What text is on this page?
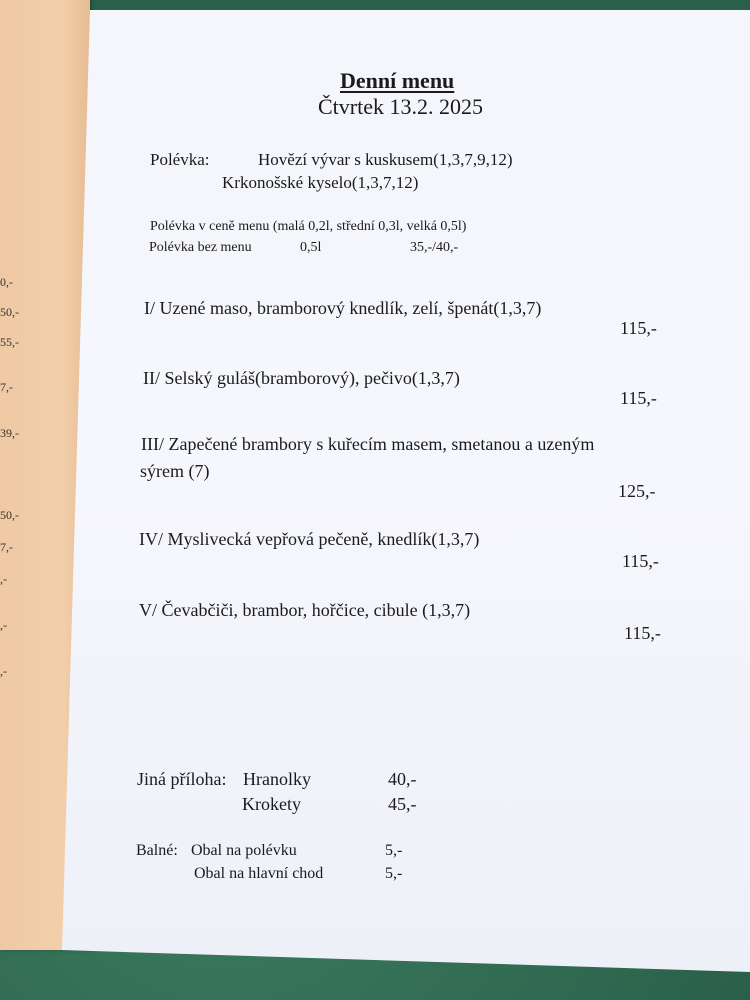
0,-
50,-
55,-
7,-
39,-
50,-
7,-
,-
,-
,-
Denní menu
Čtvrtek 13.2. 2025
Polévka:	Hovězí vývar s kuskusem(1,3,7,9,12)
Krkonošské kyselo(1,3,7,12)
Polévka v ceně menu (malá 0,2l, střední 0,3l, velká 0,5l)
Polévka bez menu	0,5l	35,-/40,-
I/ Uzené maso, bramborový knedlík, zelí, špenát(1,3,7)
115,-
II/ Selský guláš(bramborový), pečivo(1,3,7)
115,-
III/ Zapečené brambory s kuřecím masem, smetanou a uzeným
sýrem (7)
125,-
IV/ Myslivecká vepřová pečeně, knedlík(1,3,7)
115,-
V/ Čevabčiči, brambor, hořčice, cibule (1,3,7)
115,-
Jiná příloha: Hranolky	40,-
Krokety	45,-
Balné: Obal na polévku	5,-
Obal na hlavní chod	5,-
